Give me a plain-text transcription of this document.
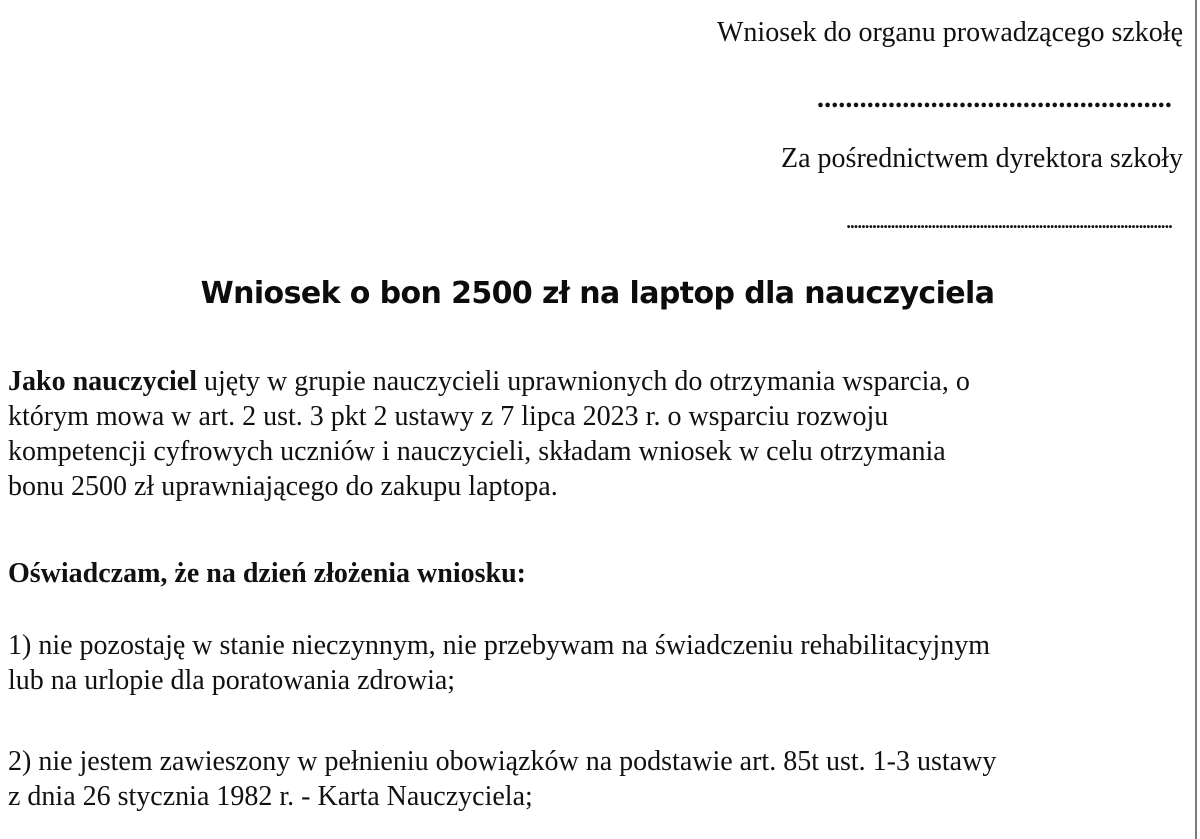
Wniosek do organu prowadzącego szkołę
..................................................
Za pośrednictwem dyrektora szkoły
........................................................................................
Wniosek o bon 2500 zł na laptop dla nauczyciela
Jako nauczyciel ujęty w grupie nauczycieli uprawnionych do otrzymania wsparcia, o
którym mowa w art. 2 ust. 3 pkt 2 ustawy z 7 lipca 2023 r. o wsparciu rozwoju
kompetencji cyfrowych uczniów i nauczycieli, składam wniosek w celu otrzymania
bonu 2500 zł uprawniającego do zakupu laptopa.
Oświadczam, że na dzień złożenia wniosku:
1) nie pozostaję w stanie nieczynnym, nie przebywam na świadczeniu rehabilitacyjnym
lub na urlopie dla poratowania zdrowia;
2) nie jestem zawieszony w pełnieniu obowiązków na podstawie art. 85t ust. 1-3 ustawy
z dnia 26 stycznia 1982 r. - Karta Nauczyciela;
